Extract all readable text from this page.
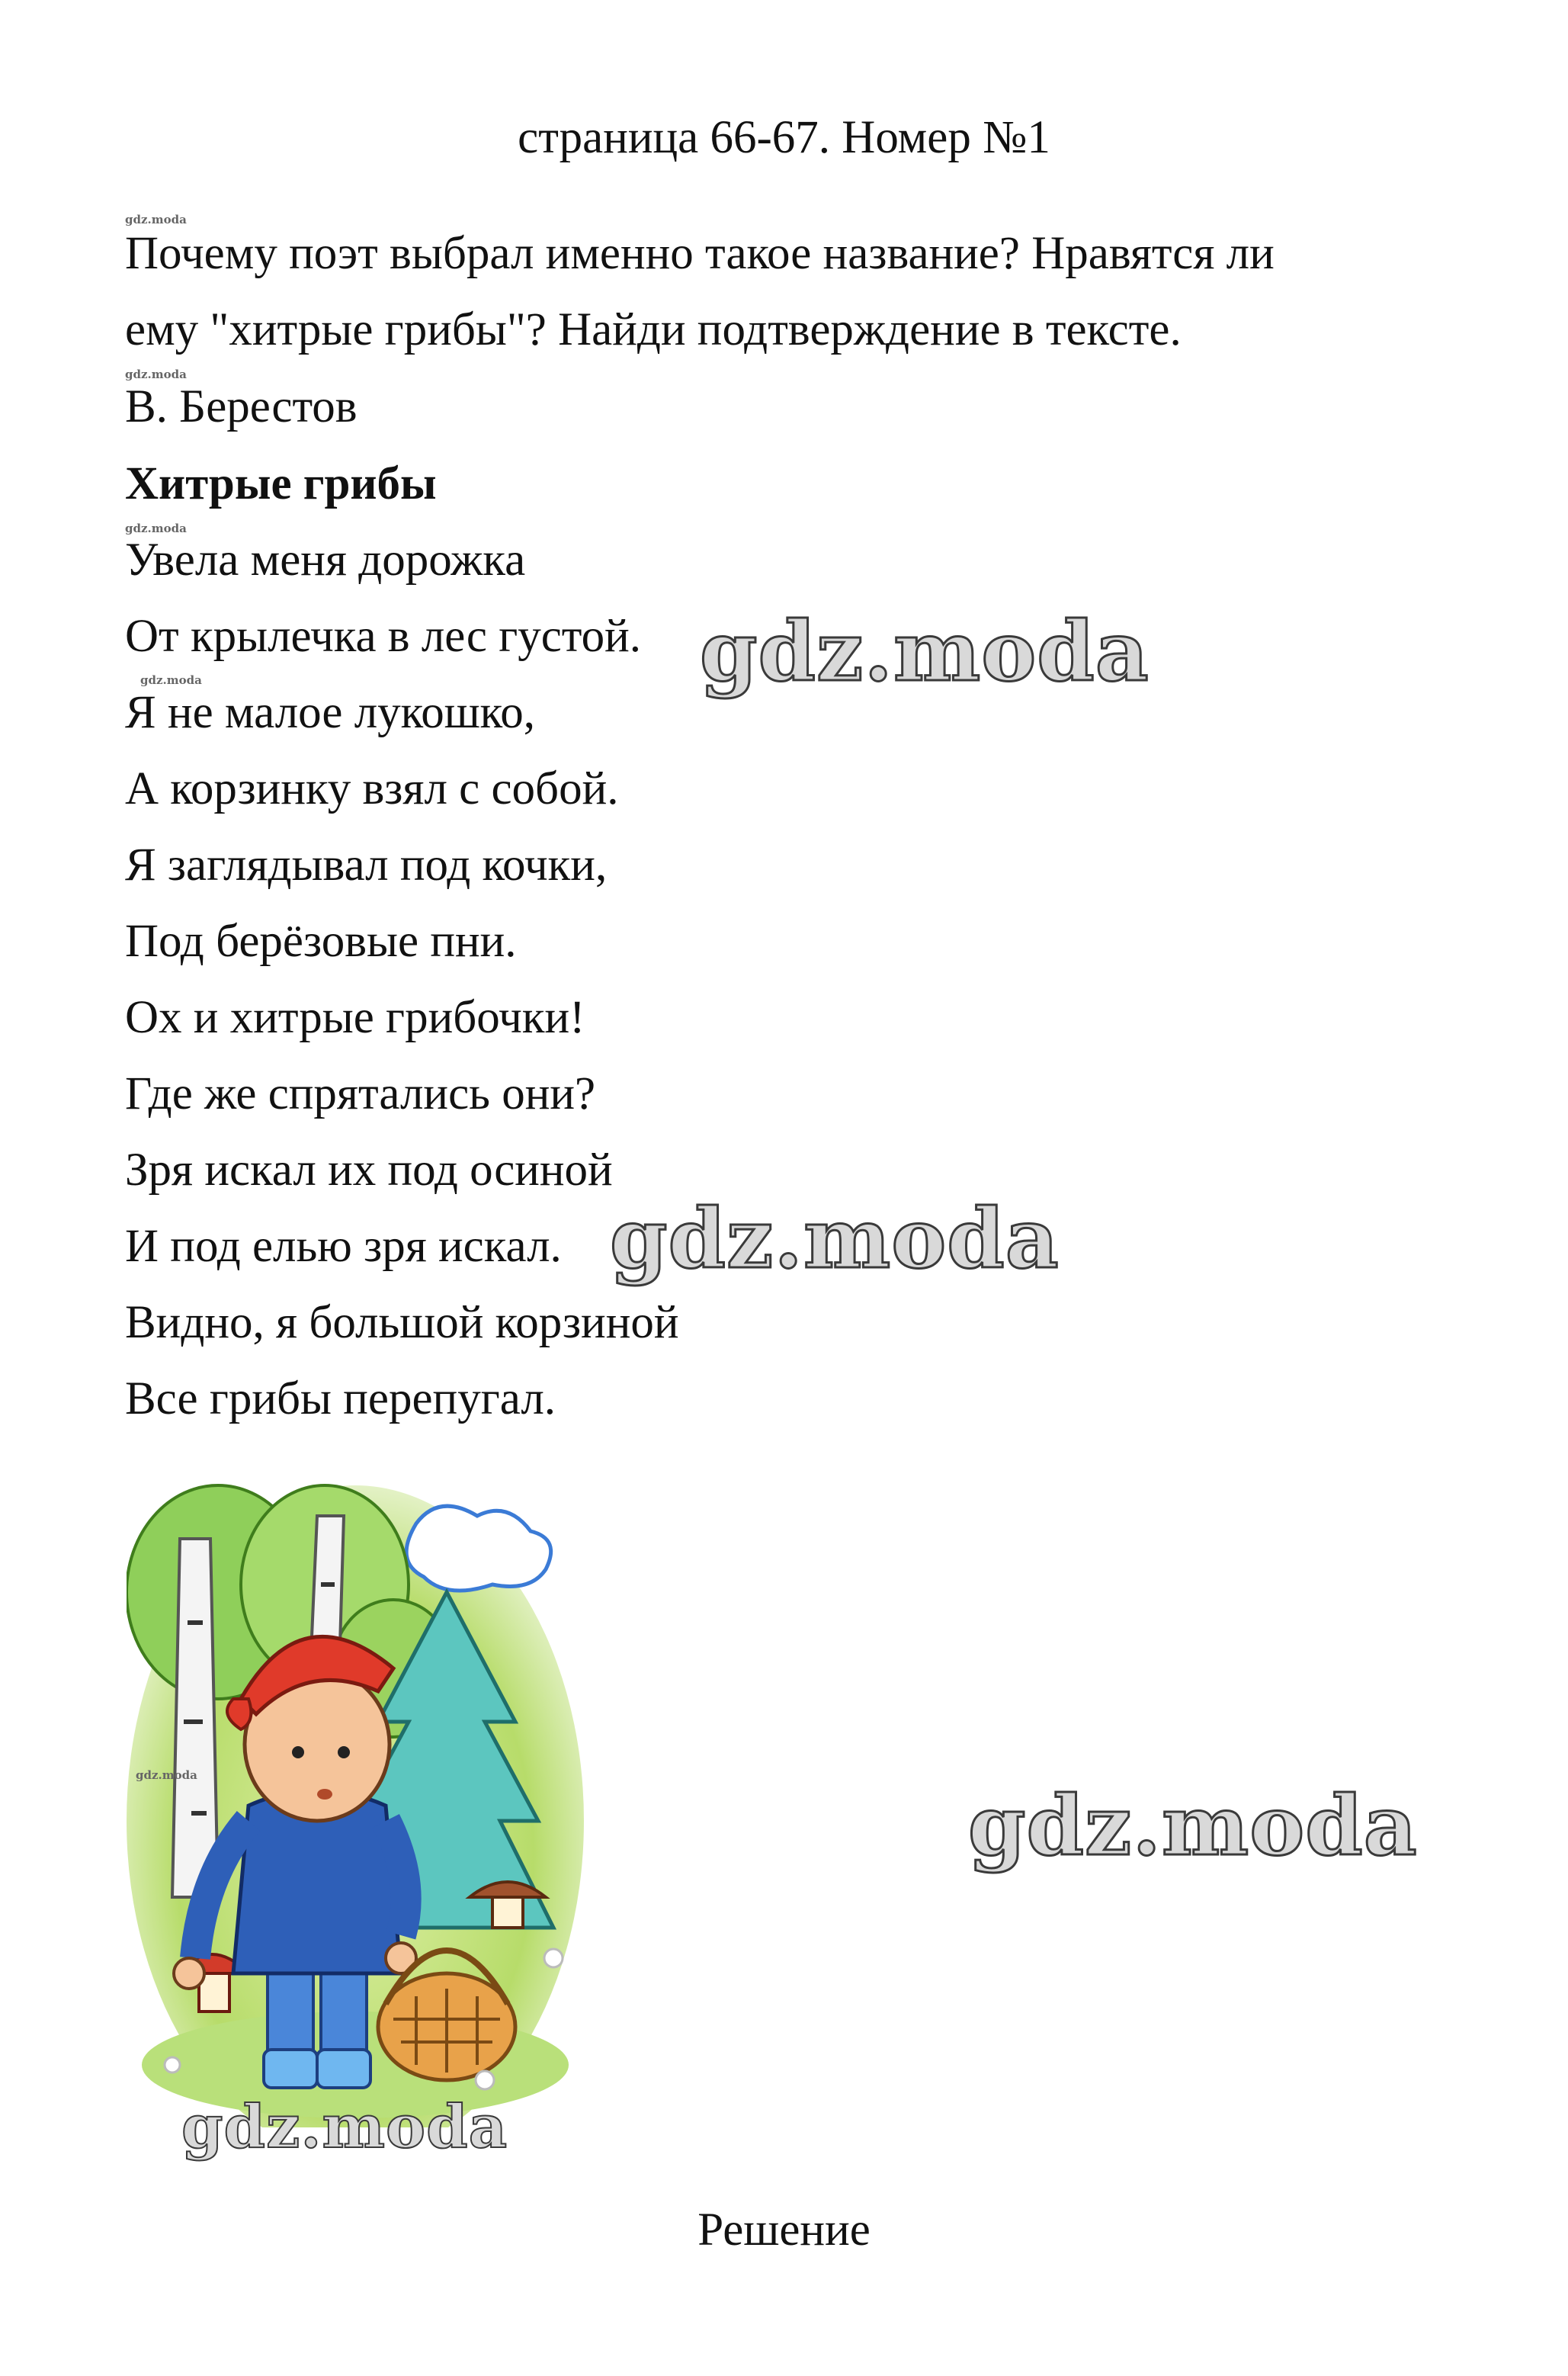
страница 66-67. Номер №1
gdz.moda
Почему поэт выбрал именно такое название? Нравятся ли
ему "хитрые грибы"? Найди подтверждение в тексте.
gdz.moda
В. Берестов
Хитрые грибы
gdz.moda
Увела меня дорожка
От крылечка в лес густой.
gdz.moda
Я не малое лукошко,
А корзинку взял с собой.
Я заглядывал под кочки,
Под берёзовые пни.
Ох и хитрые грибочки!
Где же спрятались они?
Зря искал их под осиной
И под елью зря искал.
Видно, я большой корзиной
Все грибы перепугал.
gdz.moda
gdz.moda
gdz.moda
gdz.moda
gdz.moda
Решение
